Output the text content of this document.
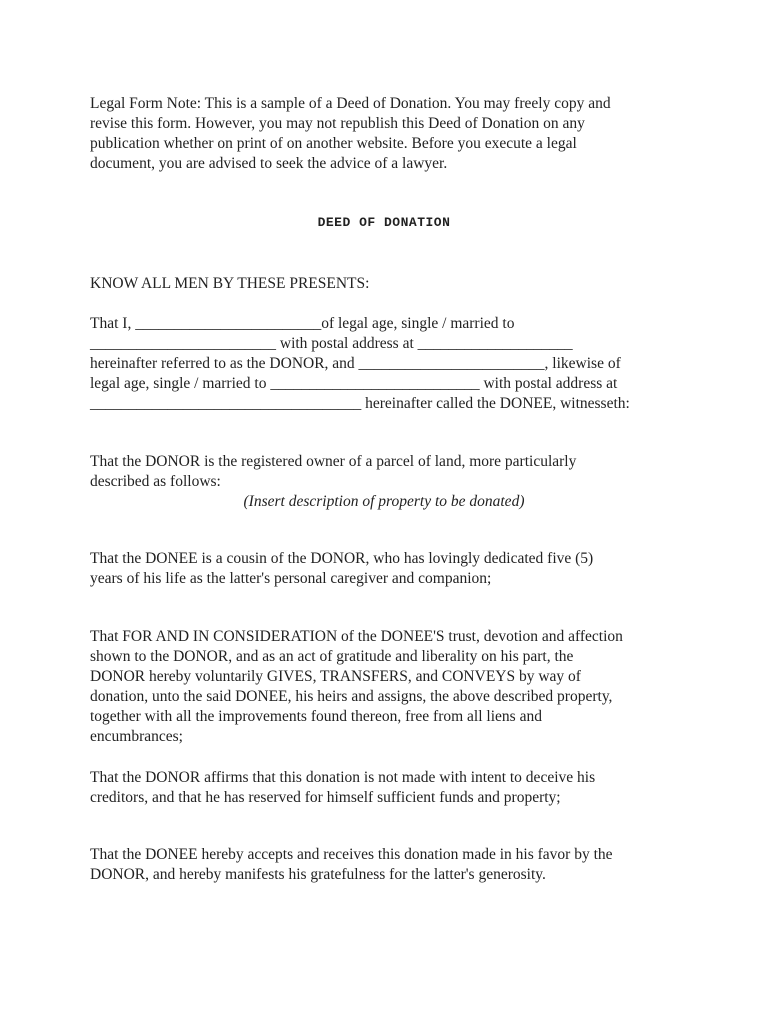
Legal Form Note: This is a sample of a Deed of Donation. You may freely copy and
revise this form. However, you may not republish this Deed of Donation on any
publication whether on print of on another website. Before you execute a legal
document, you are advised to seek the advice of a lawyer.
DEED OF DONATION
KNOW ALL MEN BY THESE PRESENTS:
That I, ________________________of legal age, single / married to
________________________ with postal address at ____________________
hereinafter referred to as the DONOR, and ________________________, likewise of
legal age, single / married to ___________________________ with postal address at
___________________________________ hereinafter called the DONEE, witnesseth:
That the DONOR is the registered owner of a parcel of land, more particularly
described as follows:
(Insert description of property to be donated)
That the DONEE is a cousin of the DONOR, who has lovingly dedicated five (5)
years of his life as the latter's personal caregiver and companion;
That FOR AND IN CONSIDERATION of the DONEE'S trust, devotion and affection
shown to the DONOR, and as an act of gratitude and liberality on his part, the
DONOR hereby voluntarily GIVES, TRANSFERS, and CONVEYS by way of
donation, unto the said DONEE, his heirs and assigns, the above described property,
together with all the improvements found thereon, free from all liens and
encumbrances;
That the DONOR affirms that this donation is not made with intent to deceive his
creditors, and that he has reserved for himself sufficient funds and property;
That the DONEE hereby accepts and receives this donation made in his favor by the
DONOR, and hereby manifests his gratefulness for the latter's generosity.
